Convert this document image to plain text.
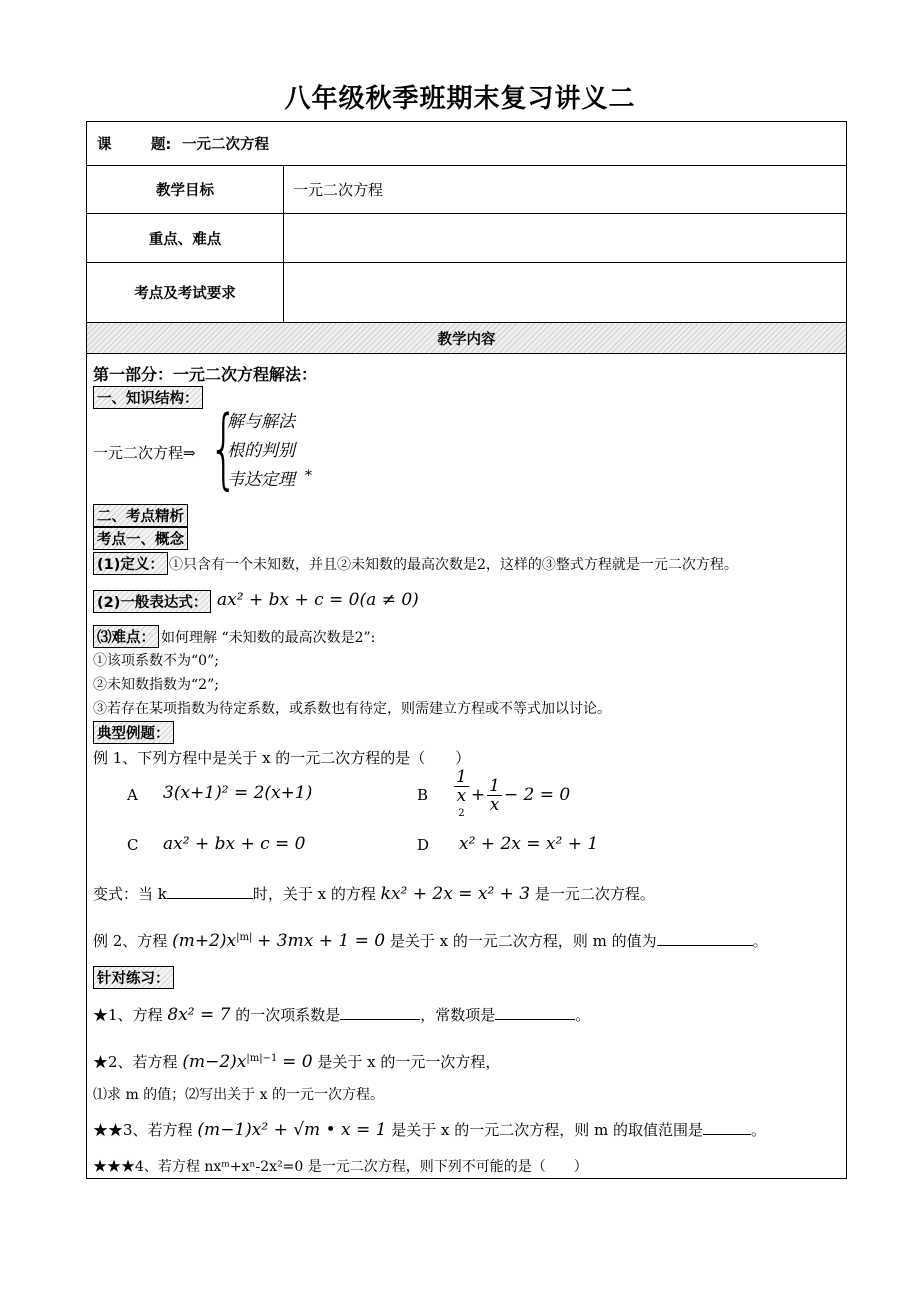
八年级秋季班期末复习讲义二
课	题: 一元二次方程
教学目标	一元二次方程
重点、难点
考点及考试要求
教学内容
第一部分：一元二次方程解法：
一、知识结构：
一元二次方程⇒ {
解与解法
根的判别
韦达定理 *
二、考点精析
考点一、概念
(1)定义： ①只含有一个未知数，并且②未知数的最高次数是2，这样的③整式方程就是一元二次方程。
(2)一般表达式： ax² + bx + c = 0(a ≠ 0)
⑶难点： 如何理解 “未知数的最高次数是2”:
①该项系数不为“0”;
②未知数指数为“2”;
③若存在某项指数为待定系数，或系数也有待定，则需建立方程或不等式加以讨论。
典型例题：
例 1、下列方程中是关于 x 的一元二次方程的是（　　）
A 3(x+1)² = 2(x+1)	B 1
x
$2 + \frac{1}{x} - 2 = 0$
C ax² + bx + c = 0	D x² + 2x = x² + 1
变式：当 k	时，关于 x 的方程 kx² + 2x = x² + 3 是一元二次方程。
例 2、方程 $(m+2)x^{|m|} + 3mx + 1 = 0$ 是关于 x 的一元二次方程，则 m 的值为	。
针对练习：
★1、方程 8x² = 7 的一次项系数是	，常数项是	。
★2、若方程 $(m-2)x^{|m|-1} = 0$ 是关于 x 的一元一次方程，
⑴求 m 的值；⑵写出关于 x 的一元一次方程。
★★3、若方程 (m−1)x² + √m • x = 1 是关于 x 的一元二次方程，则 m 的取值范围是	。
★★★4、若方程 nxᵐ+xⁿ-2x²=0 是一元二次方程，则下列不可能的是（　　）
